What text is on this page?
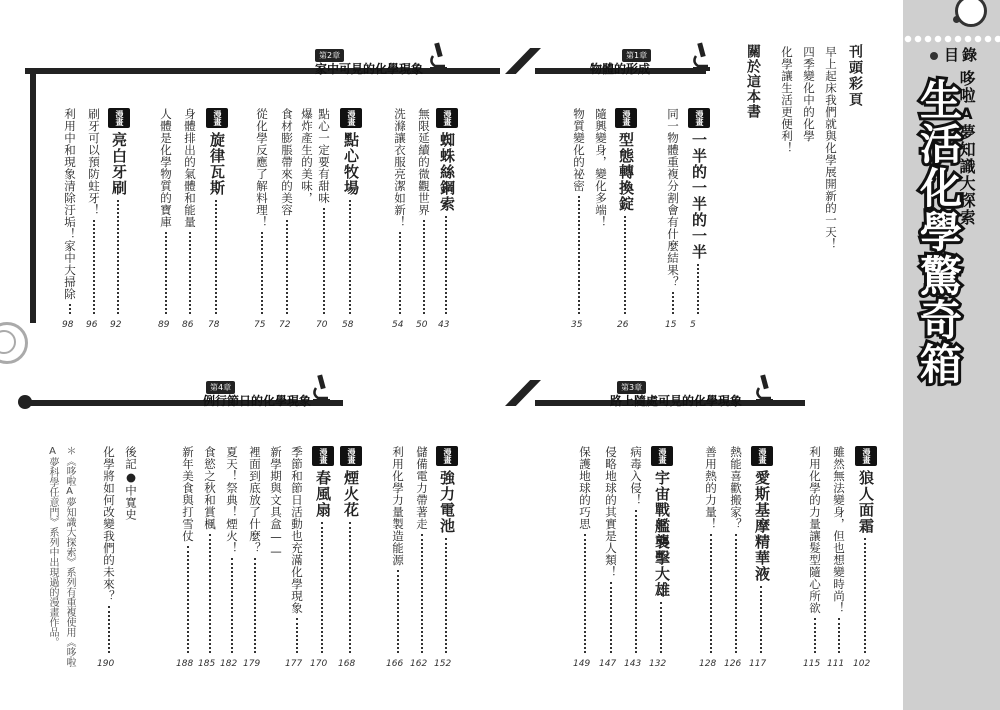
目錄
哆啦A夢知識大探索
生活化學驚奇箱
刊頭彩頁
早上起床我們就與化學展開新的一天！
四季變化中的化學
化學讓生活更便利！
關於這本書
第1章
物體的形成
第2章
家中可見的化學現象
第3章
路上隨處可見的化學現象
第4章
例行節日的化學現象
漫畫一半的一半的一半
5
同一物體重複分割會有什麼結果？
15
漫畫型態轉換錠
26
隨興變身，變化多端！
物質變化的祕密
35
漫畫蜘蛛絲鋼索
43
無限延續的微觀世界
50
洗滌讓衣服亮潔如新！
54
漫畫點心牧場
58
點心一定要有甜味
70
爆炸產生的美味，
食材膨脹帶來的美容
72
從化學反應了解料理！
75
漫畫旋律瓦斯
78
身體排出的氣體和能量
86
人體是化學物質的寶庫
89
漫畫亮白牙刷
92
刷牙可以預防蛀牙！
96
利用中和現象清除汙垢！家中大掃除
98
漫畫狼人面霜
102
雖然無法變身，但也想變時尚！
111
利用化學的力量讓髮型隨心所欲
115
漫畫愛斯基摩精華液
117
熱能喜歡搬家？
126
善用熱的力量！
128
漫畫宇宙戰艦襲擊大雄
132
病毒入侵！
143
侵略地球的其實是人類！
147
保護地球的巧思
149
漫畫強力電池
152
儲備電力帶著走
162
利用化學力量製造能源
166
漫畫煙火花
168
漫畫春風扇
170
季節和節日活動也充滿化學現象
177
新學期與文具盒——
裡面到底放了什麼？
179
夏天！祭典！煙火！
182
食慾之秋和賞楓
185
新年美食與打雪仗
188
後記●中寬史
化學將如何改變我們的未來？
190
＊《哆啦A夢知識大探索》系列有重複使用《哆啦
A夢科學任意門》系列中出現過的漫畫作品。
